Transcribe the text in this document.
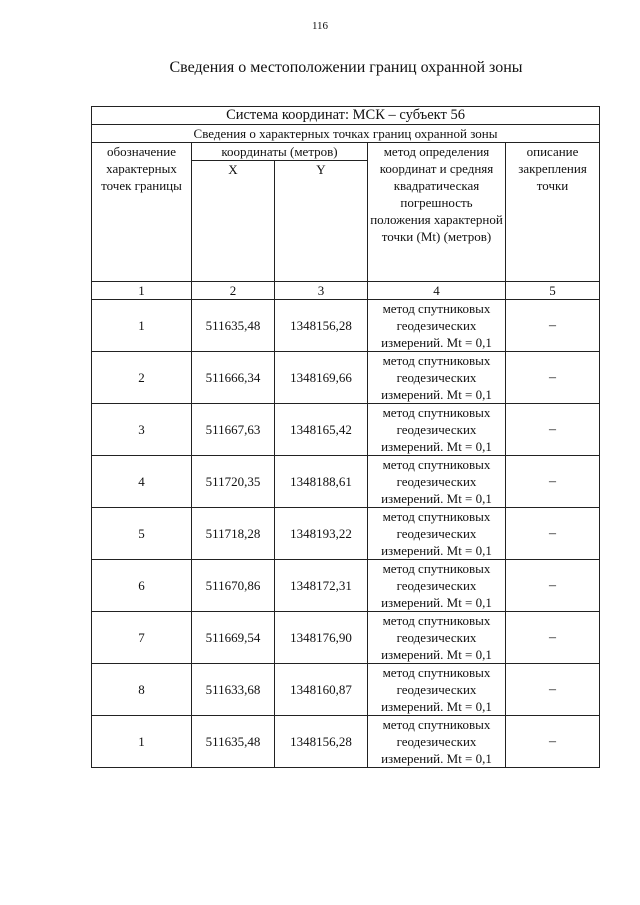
116
Сведения о местоположении границ охранной зоны
Система координат: МСК – субъект 56				
Сведения о характерных точках границ охранной зоны				
обозначение характерных точек границы	координаты (метров)		метод определения координат и средняя квадратическая погрешность положения характерной точки (Mt) (метров)	описание закрепления точки
	X	Y		

1	2	3	4	5
1	511635,48	1348156,28	метод спутниковых геодезических измерений. Mt = 0,1	–
2	511666,34	1348169,66	метод спутниковых геодезических измерений. Mt = 0,1	–
3	511667,63	1348165,42	метод спутниковых геодезических измерений. Mt = 0,1	–
4	511720,35	1348188,61	метод спутниковых геодезических измерений. Mt = 0,1	–
5	511718,28	1348193,22	метод спутниковых геодезических измерений. Mt = 0,1	–
6	511670,86	1348172,31	метод спутниковых геодезических измерений. Mt = 0,1	–
7	511669,54	1348176,90	метод спутниковых геодезических измерений. Mt = 0,1	–
8	511633,68	1348160,87	метод спутниковых геодезических измерений. Mt = 0,1	–
1	511635,48	1348156,28	метод спутниковых геодезических измерений. Mt = 0,1	–
